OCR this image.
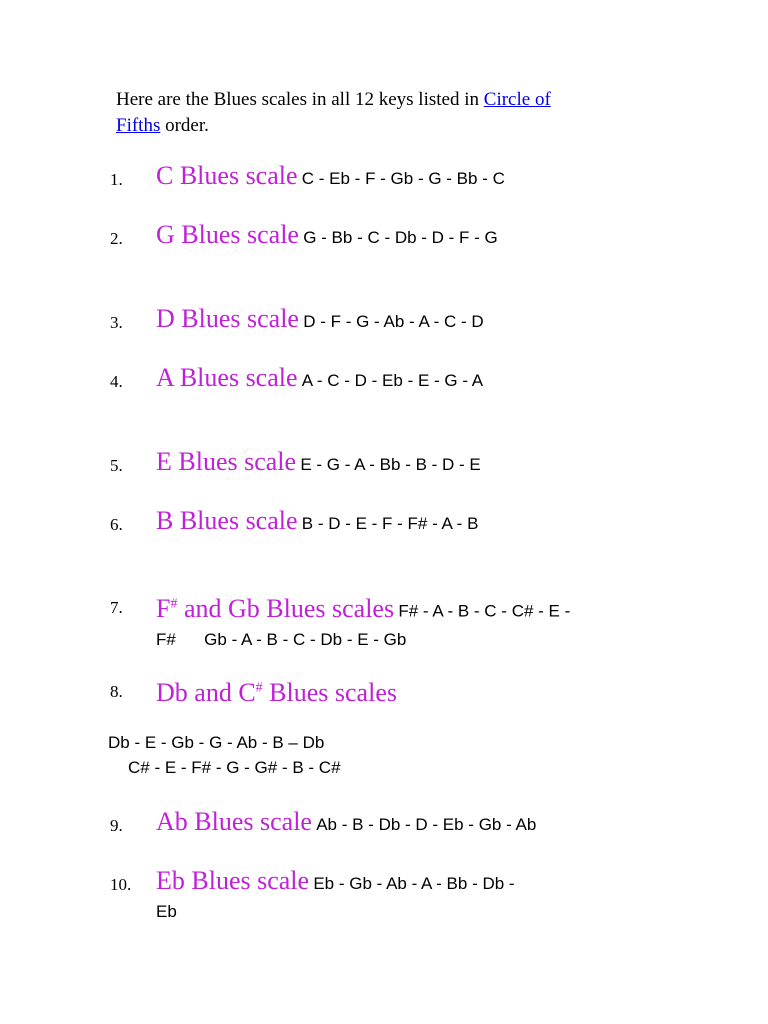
Here are the Blues scales in all 12 keys listed in Circle of
Fifths order.
1.	C Blues scale C - Eb - F - Gb - G - Bb - C
2.	G Blues scale G - Bb - C - Db - D - F - G
3.	D Blues scale D - F - G - Ab - A - C - D
4.	A Blues scale A - C - D - Eb - E - G - A
5.	E Blues scale E - G - A - Bb - B - D - E
6.	B Blues scale B - D - E - F - F# - A - B
7.	F# and Gb Blues scales F# - A - B - C - C# - E -
F#      Gb - A - B - C - Db - E - Gb
8.	Db and C# Blues scales
Db - E - Gb - G - Ab - B – Db
C# - E - F# - G - G# - B - C#
9.	Ab Blues scale Ab - B - Db - D - Eb - Gb - Ab
10. Eb Blues scale Eb - Gb - Ab - A - Bb - Db -
Eb
